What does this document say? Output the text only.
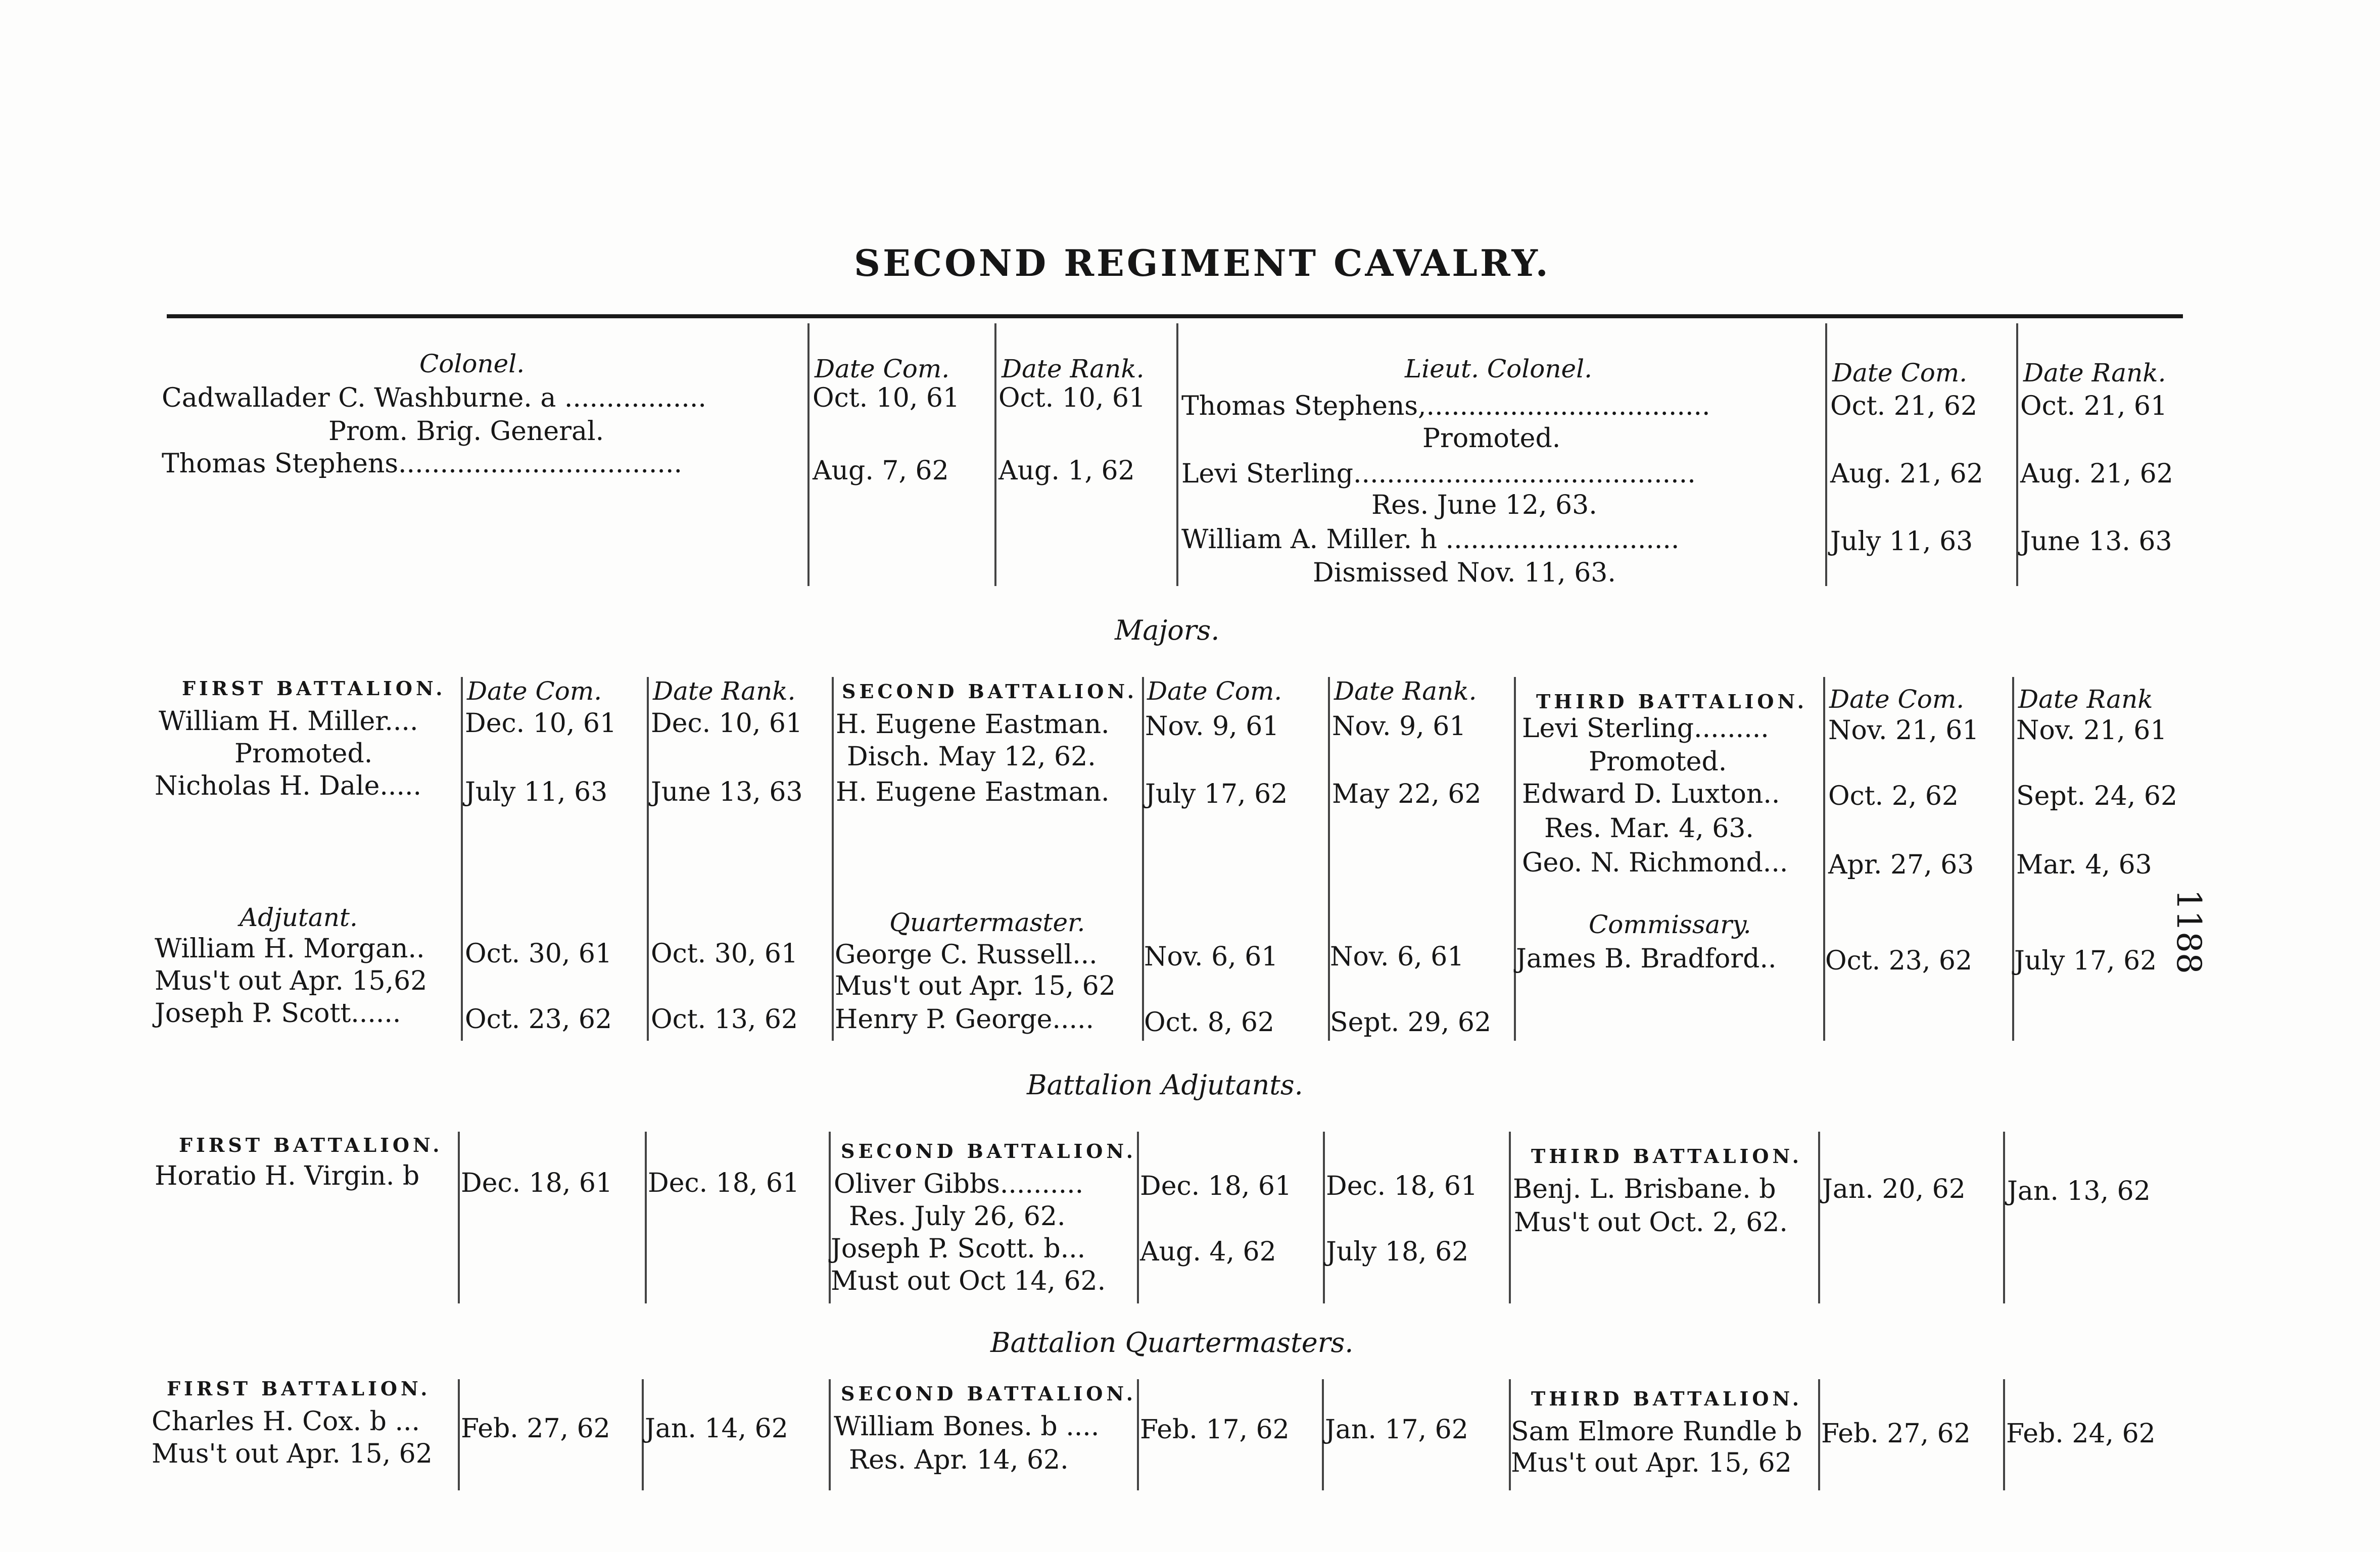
SECOND REGIMENT CAVALRY.
1188
Colonel.	Date Com. Date Rank.
Cadwallader C. Washburne. a .................	Oct. 10, 61 Oct. 10, 61
Prom. Brig. General.
Thomas Stephens..................................	Aug. 7, 62 Aug. 1, 62
Lieut. Colonel.	Date Com. Date Rank.
Thomas Stephens,..................................	Oct. 21, 62 Oct. 21, 61
Promoted.
Levi Sterling.........................................	Aug. 21, 62 Aug. 21, 62
Res. June 12, 63.
William A. Miller. h ............................	July 11, 63 June 13. 63
Dismissed Nov. 11, 63.
Majors.
FIRST BATTALION. Date Com. Date Rank.
William H. Miller.... Dec. 10, 61 Dec. 10, 61
Promoted.
Nicholas H. Dale..... July 11, 63 June 13, 63
SECOND BATTALION. Date Com. Date Rank.
H. Eugene Eastman. Nov. 9, 61 Nov. 9, 61
Disch. May 12, 62.
H. Eugene Eastman. July 17, 62 May 22, 62
THIRD BATTALION. Date Com. Date Rank
Levi Sterling......... Nov. 21, 61 Nov. 21, 61
Promoted.
Edward D. Luxton.. Oct. 2, 62 Sept. 24, 62
Res. Mar. 4, 63.
Geo. N. Richmond... Apr. 27, 63 Mar. 4, 63
Adjutant.
William H. Morgan.. Oct. 30, 61 Oct. 30, 61
Mus't out Apr. 15,62
Joseph P. Scott...... Oct. 23, 62 Oct. 13, 62
Quartermaster.
George C. Russell... Nov. 6, 61 Nov. 6, 61
Mus't out Apr. 15, 62
Henry P. George..... Oct. 8, 62 Sept. 29, 62
Commissary.
James B. Bradford.. Oct. 23, 62 July 17, 62
Battalion Adjutants.
FIRST BATTALION.
Horatio H. Virgin. b Dec. 18, 61 Dec. 18, 61
SECOND BATTALION.
Oliver Gibbs.......... Dec. 18, 61 Dec. 18, 61
Res. July 26, 62.
Joseph P. Scott. b... Aug. 4, 62 July 18, 62
Must out Oct 14, 62.
THIRD BATTALION.
Benj. L. Brisbane. b Jan. 20, 62 Jan. 13, 62
Mus't out Oct. 2, 62.
Battalion Quartermasters.
FIRST BATTALION.
Charles H. Cox. b ... Feb. 27, 62 Jan. 14, 62
Mus't out Apr. 15, 62
SECOND BATTALION.
William Bones. b .... Feb. 17, 62 Jan. 17, 62
Res. Apr. 14, 62.
THIRD BATTALION.
Sam Elmore Rundle b Feb. 27, 62 Feb. 24, 62
Mus't out Apr. 15, 62
